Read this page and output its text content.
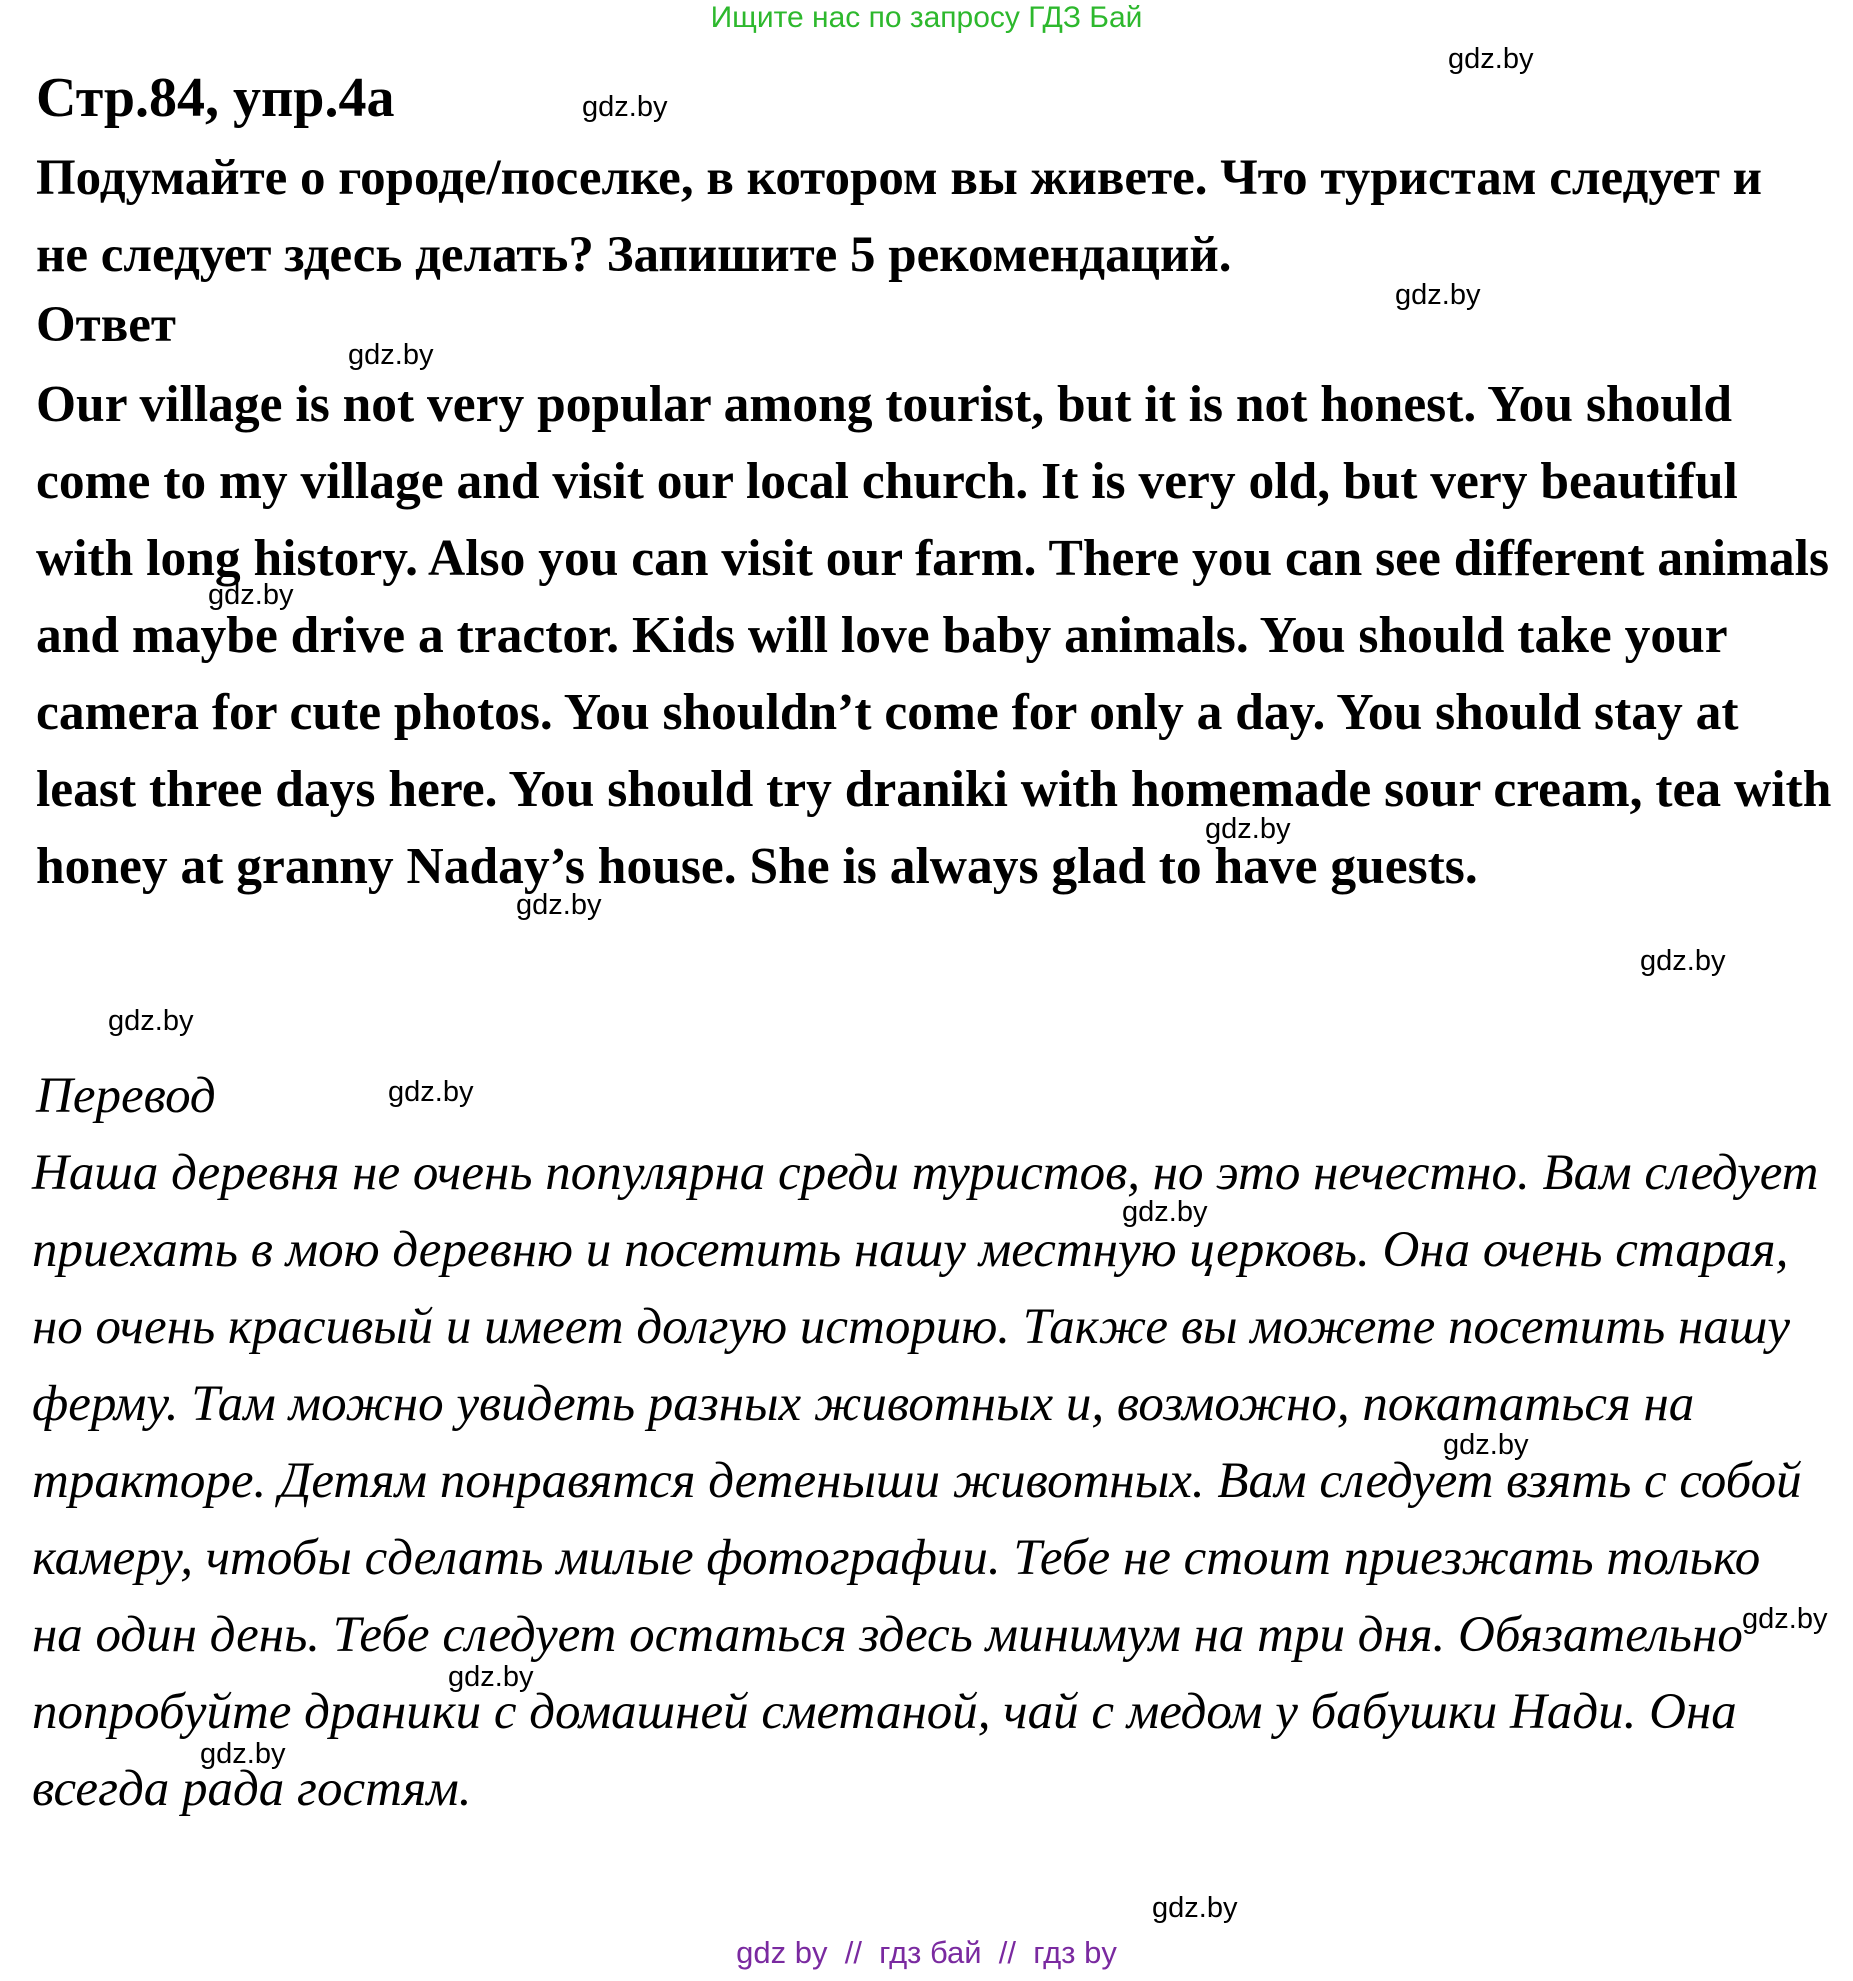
Ищите нас по запросу ГДЗ Бай
Стр.84, упр.4а

Подумайте о городе/поселке, в котором вы живете. Что туристам следует и не следует здесь делать? Запишите 5 рекомендаций.

Ответ

Our village is not very popular among tourist, but it is not honest. You should come to my village and visit our local church. It is very old, but very beautiful with long history. Also you can visit our farm. There you can see different animals and maybe drive a tractor. Kids will love baby animals. You should take your camera for cute photos. You shouldn’t come for only a day. You should stay at least three days here. You should try draniki with homemade sour cream, tea with honey at granny Naday’s house. She is always glad to have guests.

Перевод

Наша деревня не очень популярна среди туристов, но это нечестно. Вам следует приехать в мою деревню и посетить нашу местную церковь. Она очень старая, но очень красивый и имеет долгую историю. Также вы можете посетить нашу ферму. Там можно увидеть разных животных и, возможно, покататься на тракторе. Детям понравятся детеныши животных. Вам следует взять с собой камеру, чтобы сделать милые фотографии. Тебе не стоит приезжать только на один день. Тебе следует остаться здесь минимум на три дня. Обязательно попробуйте драники с домашней сметаной, чай с медом у бабушки Нади. Она всегда рада гостям.

gdz.by
gdz.by
gdz.by
gdz.by
gdz.by
gdz.by
gdz.by
gdz.by
gdz.by
gdz.by
gdz.by
gdz.by
gdz.by
gdz.by
gdz.by
gdz.by
gdz by  //  гдз бай  //  гдз by
